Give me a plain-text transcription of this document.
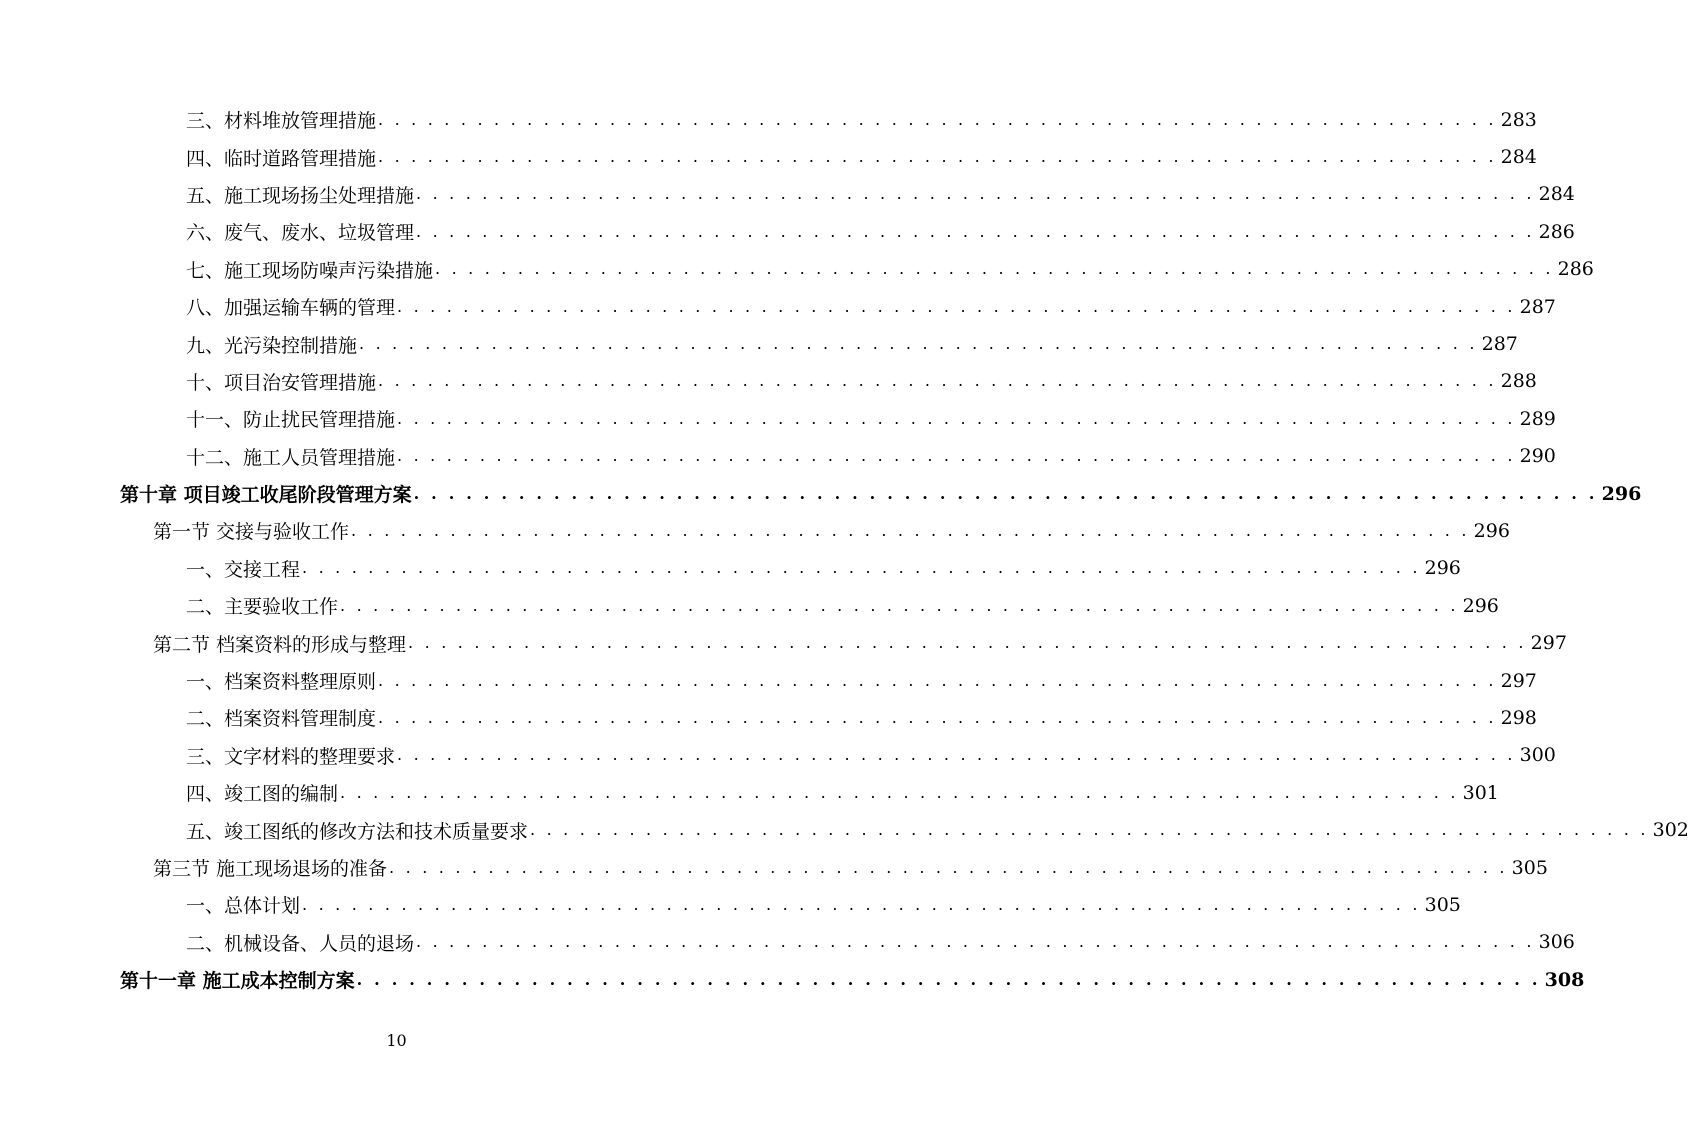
三、材料堆放管理措施 . . . . . . . . . . . . . . . . . . . . . . . . . . . . . . . . . . . . . . . . . . . . . . . . . . . . . . . . . . . . . . . . . . . . 283
四、临时道路管理措施 . . . . . . . . . . . . . . . . . . . . . . . . . . . . . . . . . . . . . . . . . . . . . . . . . . . . . . . . . . . . . . . . . . . . 284
五、施工现场扬尘处理措施 . . . . . . . . . . . . . . . . . . . . . . . . . . . . . . . . . . . . . . . . . . . . . . . . . . . . . . . . . . . . . . . . . . . . 284
六、废气、废水、垃圾管理 . . . . . . . . . . . . . . . . . . . . . . . . . . . . . . . . . . . . . . . . . . . . . . . . . . . . . . . . . . . . . . . . . . . . 286
七、施工现场防噪声污染措施 . . . . . . . . . . . . . . . . . . . . . . . . . . . . . . . . . . . . . . . . . . . . . . . . . . . . . . . . . . . . . . . . . . . . 286
八、加强运输车辆的管理 . . . . . . . . . . . . . . . . . . . . . . . . . . . . . . . . . . . . . . . . . . . . . . . . . . . . . . . . . . . . . . . . . . . . 287
九、光污染控制措施 . . . . . . . . . . . . . . . . . . . . . . . . . . . . . . . . . . . . . . . . . . . . . . . . . . . . . . . . . . . . . . . . . . . . 287
十、项目治安管理措施 . . . . . . . . . . . . . . . . . . . . . . . . . . . . . . . . . . . . . . . . . . . . . . . . . . . . . . . . . . . . . . . . . . . . 288
十一、防止扰民管理措施 . . . . . . . . . . . . . . . . . . . . . . . . . . . . . . . . . . . . . . . . . . . . . . . . . . . . . . . . . . . . . . . . . . . . 289
十二、施工人员管理措施 . . . . . . . . . . . . . . . . . . . . . . . . . . . . . . . . . . . . . . . . . . . . . . . . . . . . . . . . . . . . . . . . . . . . 290
第十章 项目竣工收尾阶段管理方案 . . . . . . . . . . . . . . . . . . . . . . . . . . . . . . . . . . . . . . . . . . . . . . . . . . . . . . . . . . . . . . . . . . . . 296
第一节 交接与验收工作 . . . . . . . . . . . . . . . . . . . . . . . . . . . . . . . . . . . . . . . . . . . . . . . . . . . . . . . . . . . . . . . . . . . . 296
一、交接工程 . . . . . . . . . . . . . . . . . . . . . . . . . . . . . . . . . . . . . . . . . . . . . . . . . . . . . . . . . . . . . . . . . . . . 296
二、主要验收工作 . . . . . . . . . . . . . . . . . . . . . . . . . . . . . . . . . . . . . . . . . . . . . . . . . . . . . . . . . . . . . . . . . . . . 296
第二节 档案资料的形成与整理 . . . . . . . . . . . . . . . . . . . . . . . . . . . . . . . . . . . . . . . . . . . . . . . . . . . . . . . . . . . . . . . . . . . . 297
一、档案资料整理原则 . . . . . . . . . . . . . . . . . . . . . . . . . . . . . . . . . . . . . . . . . . . . . . . . . . . . . . . . . . . . . . . . . . . . 297
二、档案资料管理制度 . . . . . . . . . . . . . . . . . . . . . . . . . . . . . . . . . . . . . . . . . . . . . . . . . . . . . . . . . . . . . . . . . . . . 298
三、文字材料的整理要求 . . . . . . . . . . . . . . . . . . . . . . . . . . . . . . . . . . . . . . . . . . . . . . . . . . . . . . . . . . . . . . . . . . . . 300
四、竣工图的编制 . . . . . . . . . . . . . . . . . . . . . . . . . . . . . . . . . . . . . . . . . . . . . . . . . . . . . . . . . . . . . . . . . . . . 301
五、竣工图纸的修改方法和技术质量要求 . . . . . . . . . . . . . . . . . . . . . . . . . . . . . . . . . . . . . . . . . . . . . . . . . . . . . . . . . . . . . . . . . . . . 302
第三节 施工现场退场的准备 . . . . . . . . . . . . . . . . . . . . . . . . . . . . . . . . . . . . . . . . . . . . . . . . . . . . . . . . . . . . . . . . . . . . 305
一、总体计划 . . . . . . . . . . . . . . . . . . . . . . . . . . . . . . . . . . . . . . . . . . . . . . . . . . . . . . . . . . . . . . . . . . . . 305
二、机械设备、人员的退场 . . . . . . . . . . . . . . . . . . . . . . . . . . . . . . . . . . . . . . . . . . . . . . . . . . . . . . . . . . . . . . . . . . . . 306
第十一章 施工成本控制方案 . . . . . . . . . . . . . . . . . . . . . . . . . . . . . . . . . . . . . . . . . . . . . . . . . . . . . . . . . . . . . . . . . . . . 308
10
